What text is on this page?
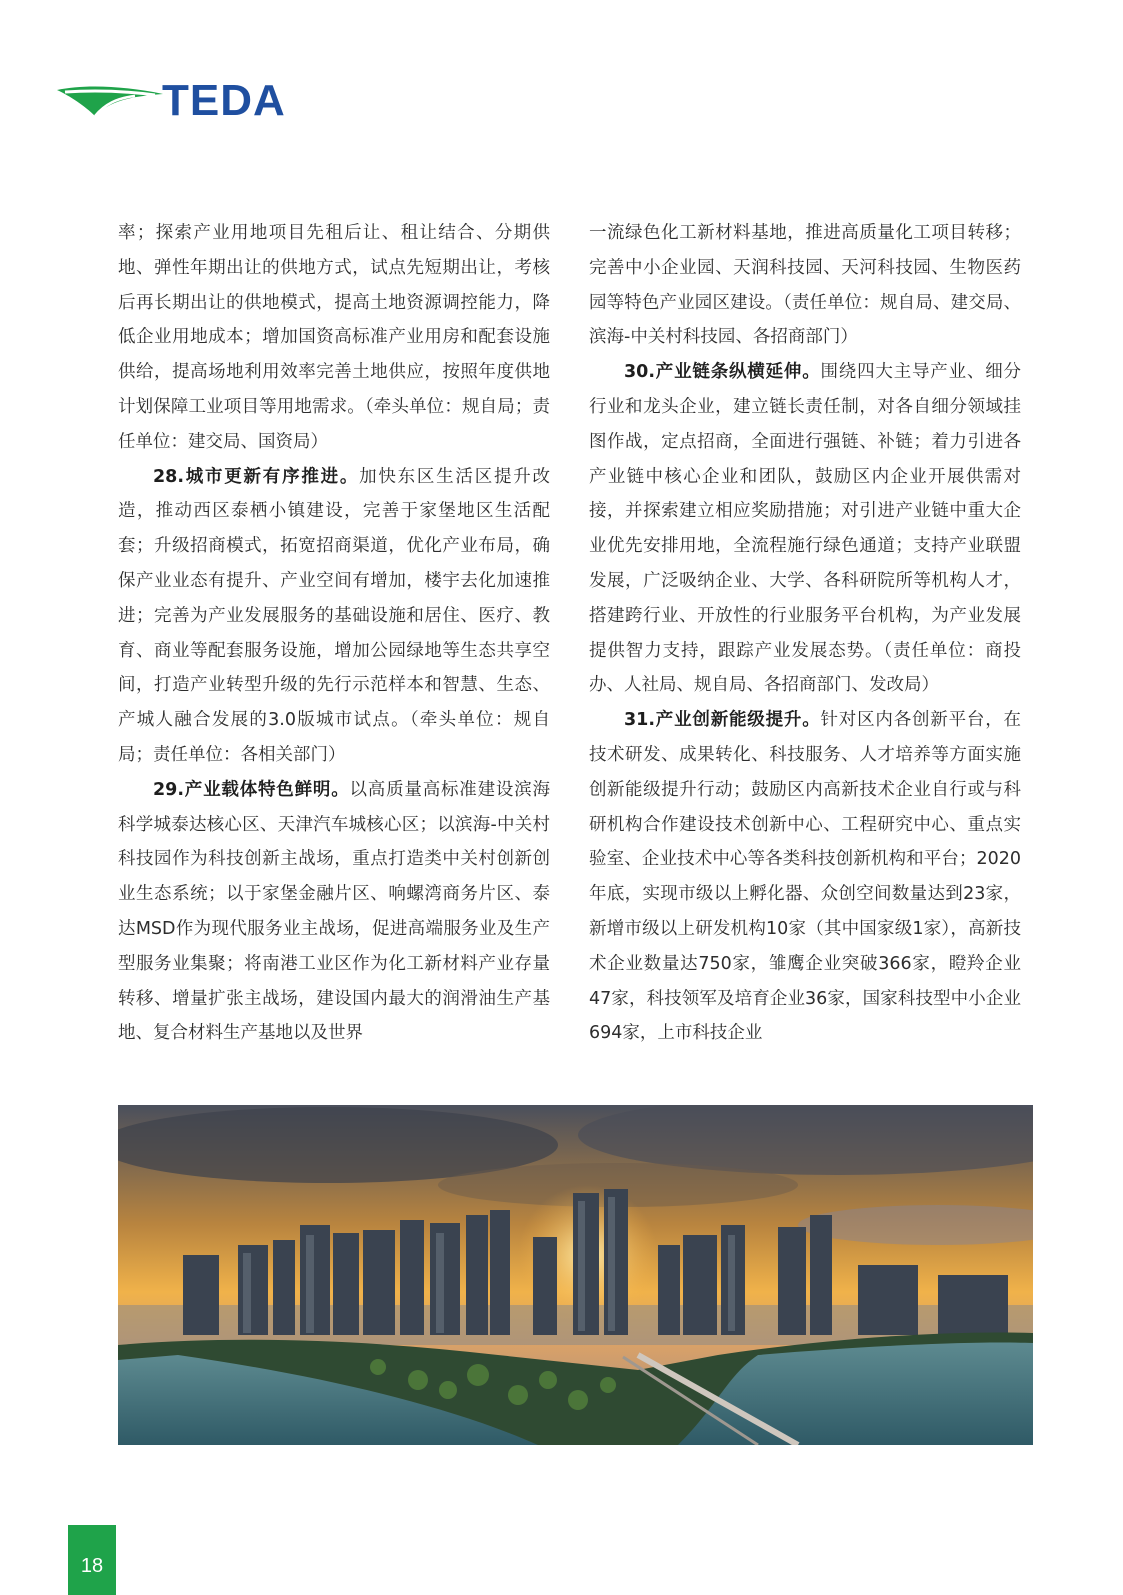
TEDA

率；探索产业用地项目先租后让、租让结合、分期供地、弹性年期出让的供地方式，试点先短期出让，考核后再长期出让的供地模式，提高土地资源调控能力，降低企业用地成本；增加国资高标准产业用房和配套设施供给，提高场地利用效率完善土地供应，按照年度供地计划保障工业项目等用地需求。（牵头单位：规自局；责任单位：建交局、国资局）

28.城市更新有序推进。加快东区生活区提升改造，推动西区泰栖小镇建设，完善于家堡地区生活配套；升级招商模式，拓宽招商渠道，优化产业布局，确保产业业态有提升、产业空间有增加，楼宇去化加速推进；完善为产业发展服务的基础设施和居住、医疗、教育、商业等配套服务设施，增加公园绿地等生态共享空间，打造产业转型升级的先行示范样本和智慧、生态、产城人融合发展的3.0版城市试点。（牵头单位：规自局；责任单位：各相关部门）

29.产业载体特色鲜明。以高质量高标准建设滨海科学城泰达核心区、天津汽车城核心区；以滨海-中关村科技园作为科技创新主战场，重点打造类中关村创新创业生态系统；以于家堡金融片区、响螺湾商务片区、泰达MSD作为现代服务业主战场，促进高端服务业及生产型服务业集聚；将南港工业区作为化工新材料产业存量转移、增量扩张主战场，建设国内最大的润滑油生产基地、复合材料生产基地以及世界

一流绿色化工新材料基地，推进高质量化工项目转移；完善中小企业园、天润科技园、天河科技园、生物医药园等特色产业园区建设。（责任单位：规自局、建交局、滨海-中关村科技园、各招商部门）

30.产业链条纵横延伸。围绕四大主导产业、细分行业和龙头企业，建立链长责任制，对各自细分领域挂图作战，定点招商，全面进行强链、补链；着力引进各产业链中核心企业和团队，鼓励区内企业开展供需对接，并探索建立相应奖励措施；对引进产业链中重大企业优先安排用地，全流程施行绿色通道；支持产业联盟发展，广泛吸纳企业、大学、各科研院所等机构人才，搭建跨行业、开放性的行业服务平台机构，为产业发展提供智力支持，跟踪产业发展态势。（责任单位：商投办、人社局、规自局、各招商部门、发改局）

31.产业创新能级提升。针对区内各创新平台，在技术研发、成果转化、科技服务、人才培养等方面实施创新能级提升行动；鼓励区内高新技术企业自行或与科研机构合作建设技术创新中心、工程研究中心、重点实验室、企业技术中心等各类科技创新机构和平台；2020年底，实现市级以上孵化器、众创空间数量达到23家，新增市级以上研发机构10家（其中国家级1家），高新技术企业数量达750家，雏鹰企业突破366家，瞪羚企业47家，科技领军及培育企业36家，国家科技型中小企业694家，上市科技企业

18
